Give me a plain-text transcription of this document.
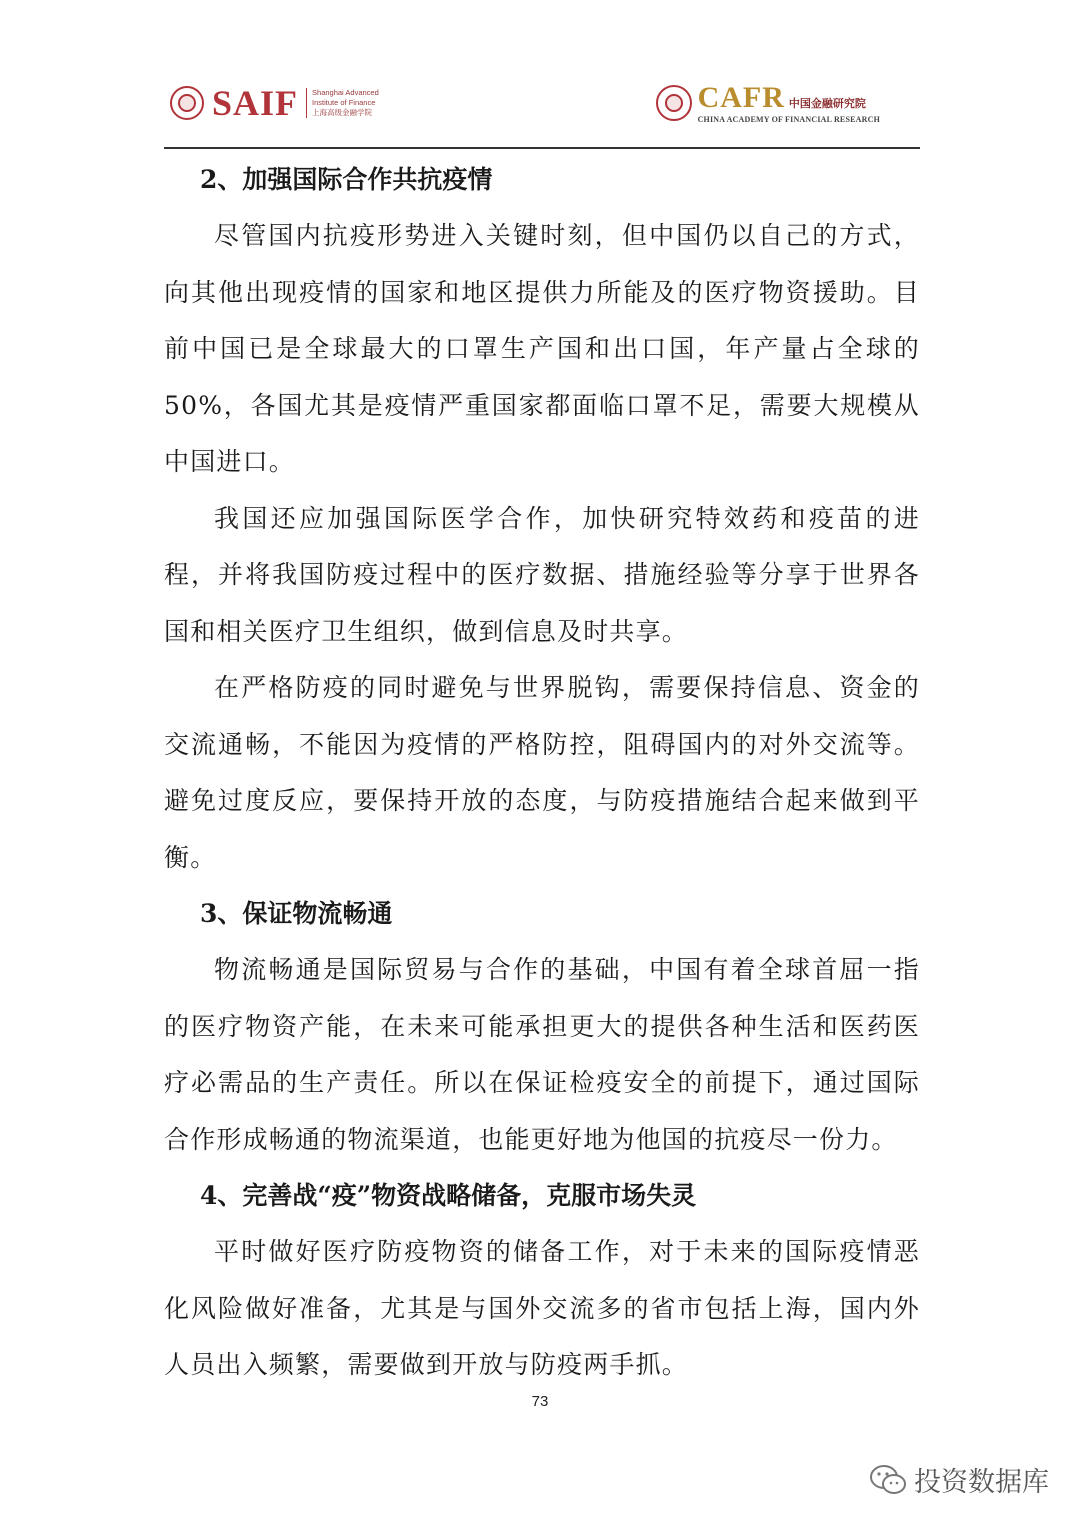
SAIF Shanghai Advanced
Institute of Finance
上海高级金融学院	CAFR 中国金融研究院
CHINA ACADEMY OF FINANCIAL RESEARCH
2、加强国际合作共抗疫情

尽管国内抗疫形势进入关键时刻，但中国仍以自己的方式，向其他出现疫情的国家和地区提供力所能及的医疗物资援助。目前中国已是全球最大的口罩生产国和出口国，年产量占全球的50%，各国尤其是疫情严重国家都面临口罩不足，需要大规模从中国进口。

我国还应加强国际医学合作，加快研究特效药和疫苗的进程，并将我国防疫过程中的医疗数据、措施经验等分享于世界各国和相关医疗卫生组织，做到信息及时共享。

在严格防疫的同时避免与世界脱钩，需要保持信息、资金的交流通畅，不能因为疫情的严格防控，阻碍国内的对外交流等。避免过度反应，要保持开放的态度，与防疫措施结合起来做到平衡。

3、保证物流畅通

物流畅通是国际贸易与合作的基础，中国有着全球首屈一指的医疗物资产能，在未来可能承担更大的提供各种生活和医药医疗必需品的生产责任。所以在保证检疫安全的前提下，通过国际合作形成畅通的物流渠道，也能更好地为他国的抗疫尽一份力。

4、完善战“疫”物资战略储备，克服市场失灵

平时做好医疗防疫物资的储备工作，对于未来的国际疫情恶化风险做好准备，尤其是与国外交流多的省市包括上海，国内外人员出入频繁，需要做到开放与防疫两手抓。

73
投资数据库
